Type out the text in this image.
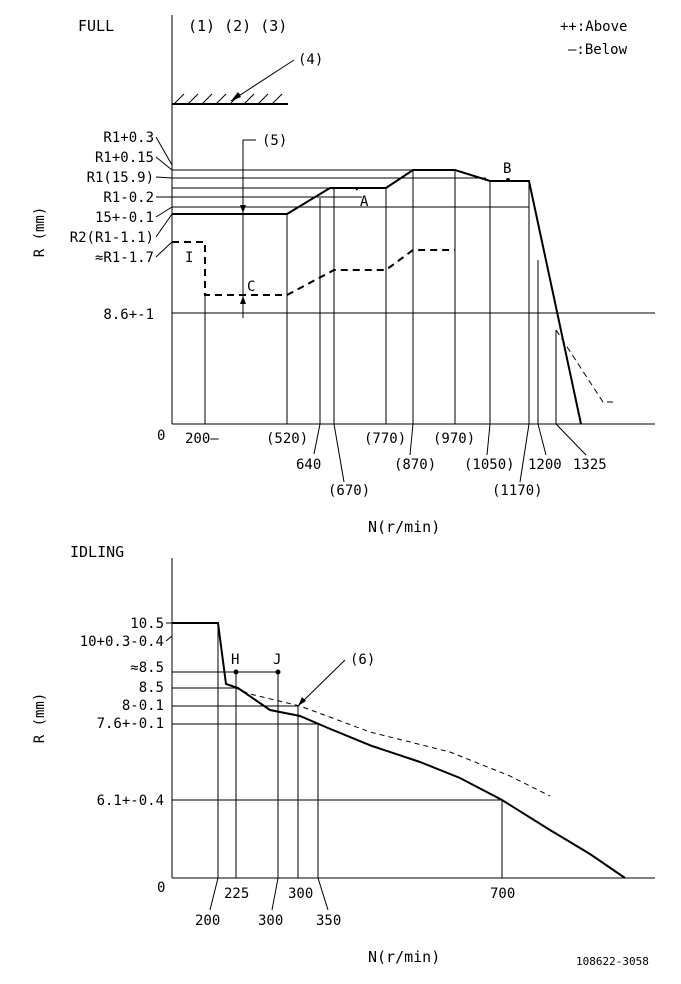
FULL	(1) (2) (3)	++:Above
—:Below
0
R (mm)
N(r/min)
(4)
(5)
A
B
C
I
R1+0.3
R1+0.15
R1(15.9)
R1-0.2
15+-0.1
R2(R1-1.1)
≈R1-1.7
8.6+-1
200—	(520)
640
(670)
(770)
(870)
(970)
(1050)
(1170)
1200 1325
IDLING
0
R (mm)
N(r/min)
H J	(6)
10.5
10+0.3-0.4
≈8.5
8.5
8-0.1
7.6+-0.1
6.1+-0.4
200
225
300
300
350
700
108622-3058
